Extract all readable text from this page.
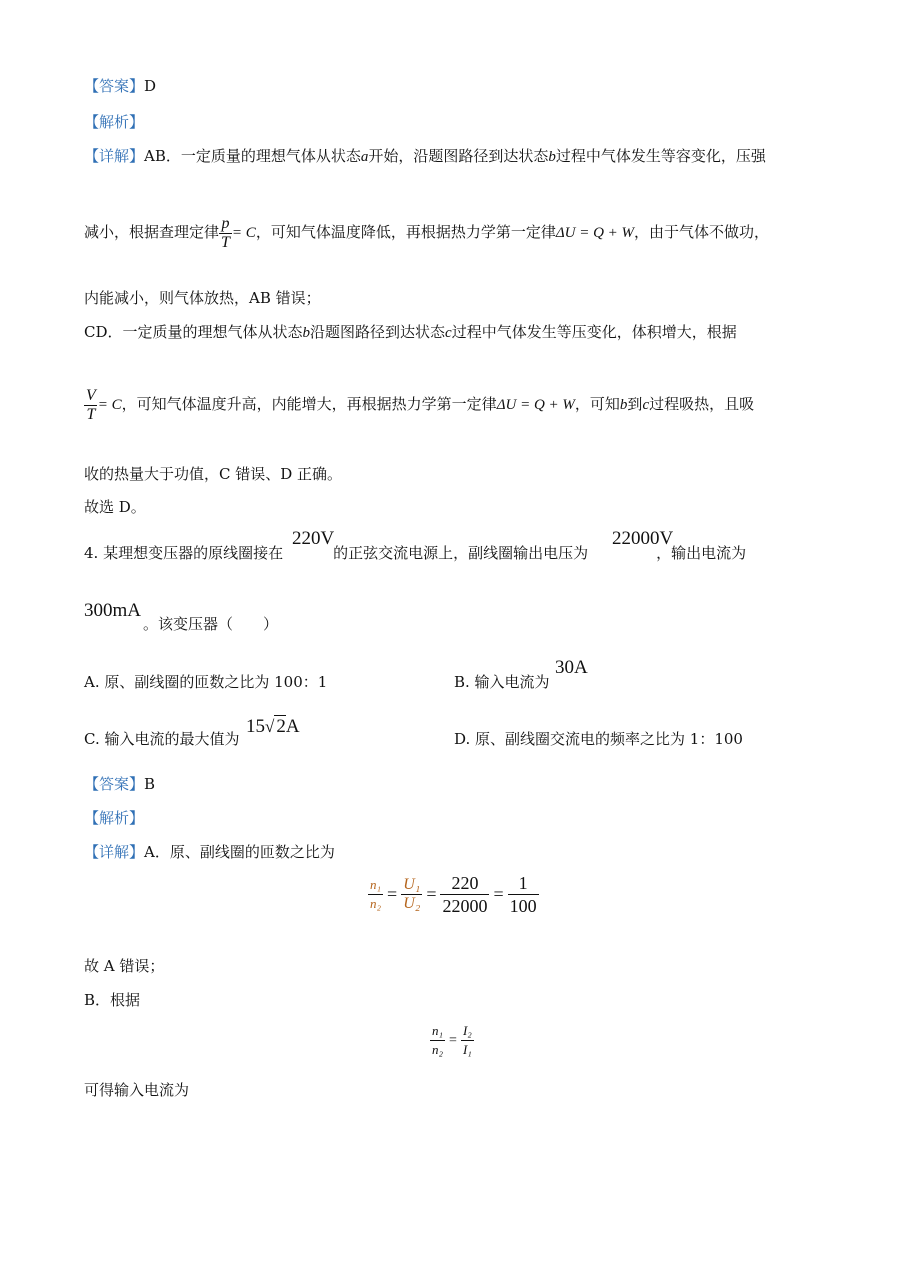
【答案】D
【解析】
【详解】AB．一定质量的理想气体从状态a开始，沿题图路径到达状态b过程中气体发生等容变化，压强
减小，根据查理定律 $\frac{p}{T} = C$，可知气体温度降低，再根据热力学第一定律ΔU = Q + W，由于气体不做功，
内能减小，则气体放热，AB 错误；
CD．一定质量的理想气体从状态b沿题图路径到达状态c过程中气体发生等压变化，体积增大，根据
$\frac{V}{T} = C$，可知气体温度升高，内能增大，再根据热力学第一定律ΔU = Q + W，可知b到c过程吸热，且吸
收的热量大于功值，C 错误、D 正确。
故选 D。
4. 某理想变压器的原线圈接在	的正弦交流电源上，副线圈输出电压为	，输出电流为
220V	22000V
300mA
。该变压器（　　）
A. 原、副线圈的匝数之比为 100：1	B. 输入电流为
30A
C. 输入电流的最大值为
15√ 2A
D. 原、副线圈交流电的频率之比为 1：100
【答案】B
【解析】
【详解】A．原、副线圈的匝数之比为
$\frac{\text{n₁}}{\text{n₂}} = \frac{\text{U₁}}{\text{U₂}} = \frac{220}{22000} = \frac{1}{100}$
故 A 错误；
B．根据
$\frac{\text{n₁}}{\text{n₂}} = \frac{\text{I₂}}{\text{I₁}}$
可得输入电流为
